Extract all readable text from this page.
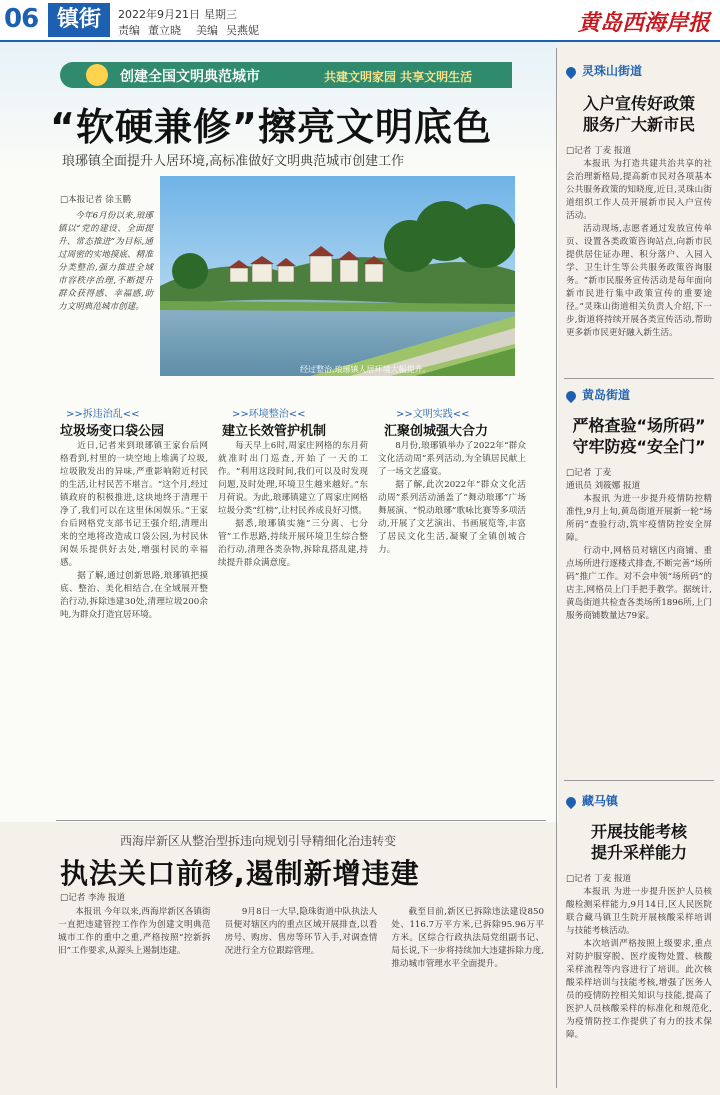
06 镇街	2022年9月21日 星期三
责编 董立晓 美编 吴燕妮	黄岛西海岸报
创建全国文明典范城市	共建文明家园 共享文明生活
“软硬兼修”擦亮文明底色
琅琊镇全面提升人居环境,高标准做好文明典范城市创建工作
□本报记者 徐玉鹏

今年6月份以来,琅琊镇以“党的建设、全面提升、常态推进”为目标,通过周密的实地摸底、精准分类整治,强力推进全域市容秩序治理,不断提升群众获得感、幸福感,助力文明典范城市创建。

经过整治,琅琊镇人居环境大幅提升。
>>拆违治乱<<
垃圾场变口袋公园

近日,记者来到琅琊镇王家台后网格看到,村里的一块空地上堆满了垃圾,垃圾散发出的异味,严重影响附近村民的生活,让村民苦不堪言。“这个月,经过镇政府的积极推进,这块地终于清理干净了,我们可以在这里休闲娱乐。”王家台后网格党支部书记王强介绍,清理出来的空地将改造成口袋公园,为村民休闲娱乐提供好去处,增强村民的幸福感。

据了解,通过创新思路,琅琊镇把摸底、整治、美化相结合,在全域展开整治行动,拆除违建30处,清理垃圾200余吨,为群众打造宜居环境。

>>环境整治<<
建立长效管护机制

每天早上6时,周家庄网格的东月荷就准时出门巡查,开始了一天的工作。“利用这段时间,我们可以及时发现问题,及时处理,环境卫生越来越好。”东月荷说。为此,琅琊镇建立了周家庄网格垃圾分类“红榜”,让村民养成良好习惯。

据悉,琅琊镇实施“三分离、七分管”工作思路,持续开展环境卫生综合整治行动,清理各类杂物,拆除乱搭乱建,持续提升群众满意度。

>>文明实践<<
汇聚创城强大合力

8月份,琅琊镇举办了2022年“群众文化活动周”系列活动,为全镇居民献上了一场文艺盛宴。

据了解,此次2022年“群众文化活动周”系列活动涵盖了“舞动琅琊”广场舞展演、“悦动琅琊”歌咏比赛等多项活动,开展了文艺演出、书画展览等,丰富了居民文化生活,凝聚了全镇创城合力。

西海岸新区从整治型拆违向规划引导精细化治违转变
执法关口前移,遏制新增违建
□记者 李涛 报道

本报讯 今年以来,西海岸新区各镇街一直把违建管控工作作为创建文明典范城市工作的重中之重,严格按照“控新拆旧”工作要求,从源头上遏制违建。

9月8日一大早,隐珠街道中队执法人员便对辖区内的重点区域开展排查,以看房号、购房、售房等环节入手,对调查情况进行全方位跟踪管理。

截至目前,新区已拆除违法建设850处、116.7万平方米,已拆除95.96万平方米。区综合行政执法局党组副书记、局长说,下一步将持续加大违建拆除力度,推动城市管理水平全面提升。

灵珠山街道
入户宣传好政策
服务广大新市民
□记者 丁麦 报道

本报讯 为打造共建共治共享的社会治理新格局,提高新市民对各项基本公共服务政策的知晓度,近日,灵珠山街道组织工作人员开展新市民入户宣传活动。

活动现场,志愿者通过发放宣传单页、设置各类政策咨询站点,向新市民提供居住证办理、积分落户、入园入学、卫生计生等公共服务政策咨询服务。“新市民服务宣传活动是每年面向新市民进行集中政策宣传的重要途径。”灵珠山街道相关负责人介绍,下一步,街道将持续开展各类宣传活动,帮助更多新市民更好融入新生活。

黄岛街道
严格查验“场所码”
守牢防疫“安全门”
□记者 丁麦
通讯员 刘筱娜 报道

本报讯 为进一步提升疫情防控精准性,9月上旬,黄岛街道开展新一轮“场所码”查验行动,筑牢疫情防控安全屏障。

行动中,网格员对辖区内商铺、重点场所进行逐楼式排查,不断完善“场所码”推广工作。对不会申领“场所码”的店主,网格员上门手把手教学。据统计,黄岛街道共检查各类场所1896所,上门服务商铺数量达79家。

藏马镇
开展技能考核
提升采样能力
□记者 丁麦 报道

本报讯 为进一步提升医护人员核酸检测采样能力,9月14日,区人民医院联合藏马镇卫生院开展核酸采样培训与技能考核活动。

本次培训严格按照上级要求,重点对防护服穿脱、医疗废物处置、核酸采样流程等内容进行了培训。此次核酸采样培训与技能考核,增强了医务人员的疫情防控相关知识与技能,提高了医护人员核酸采样的标准化和规范化,为疫情防控工作提供了有力的技术保障。
